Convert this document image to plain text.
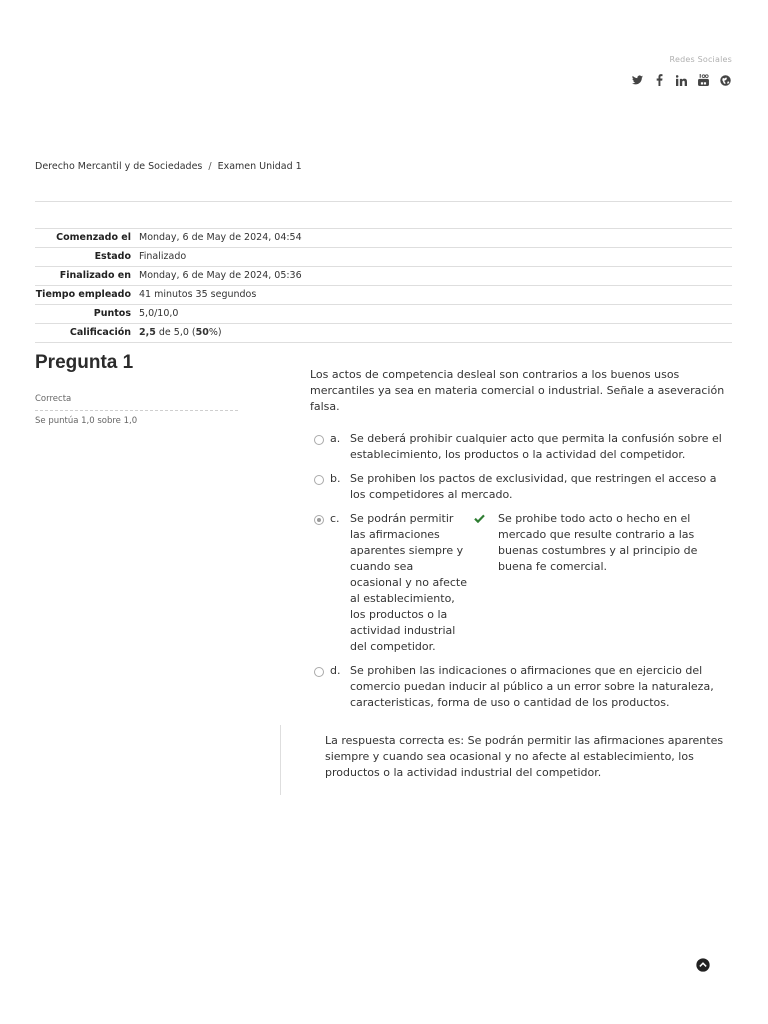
Redes Sociales
▪▪
Derecho Mercantil y de Sociedades / Examen Unidad 1
Comenzado el	Monday, 6 de May de 2024, 04:54
Estado	Finalizado
Finalizado en	Monday, 6 de May de 2024, 05:36
Tiempo empleado	41 minutos 35 segundos
Puntos	5,0/10,0
Calificación	2,5 de 5,0 (50%)
Pregunta 1
Correcta
Se puntúa 1,0 sobre 1,0
Los actos de competencia desleal son contrarios a los buenos usos mercantiles ya sea en materia comercial o industrial. Señale a aseveración falsa.
a. Se deberá prohibir cualquier acto que permita la confusión sobre el establecimiento, los productos o la actividad del competidor.
b. Se prohiben los pactos de exclusividad, que restringen el acceso a los competidores al mercado.
c. Se podrán permitir las afirmaciones aparentes siempre y cuando sea ocasional y no afecte al establecimiento, los productos o la actividad industrial del competidor.
Se prohibe todo acto o hecho en el mercado que resulte contrario a las buenas costumbres y al principio de buena fe comercial.
d. Se prohiben las indicaciones o afirmaciones que en ejercicio del comercio puedan inducir al público a un error sobre la naturaleza, caracteristicas, forma de uso o cantidad de los productos.
La respuesta correcta es: Se podrán permitir las afirmaciones aparentes siempre y cuando sea ocasional y no afecte al establecimiento, los productos o la actividad industrial del competidor.
